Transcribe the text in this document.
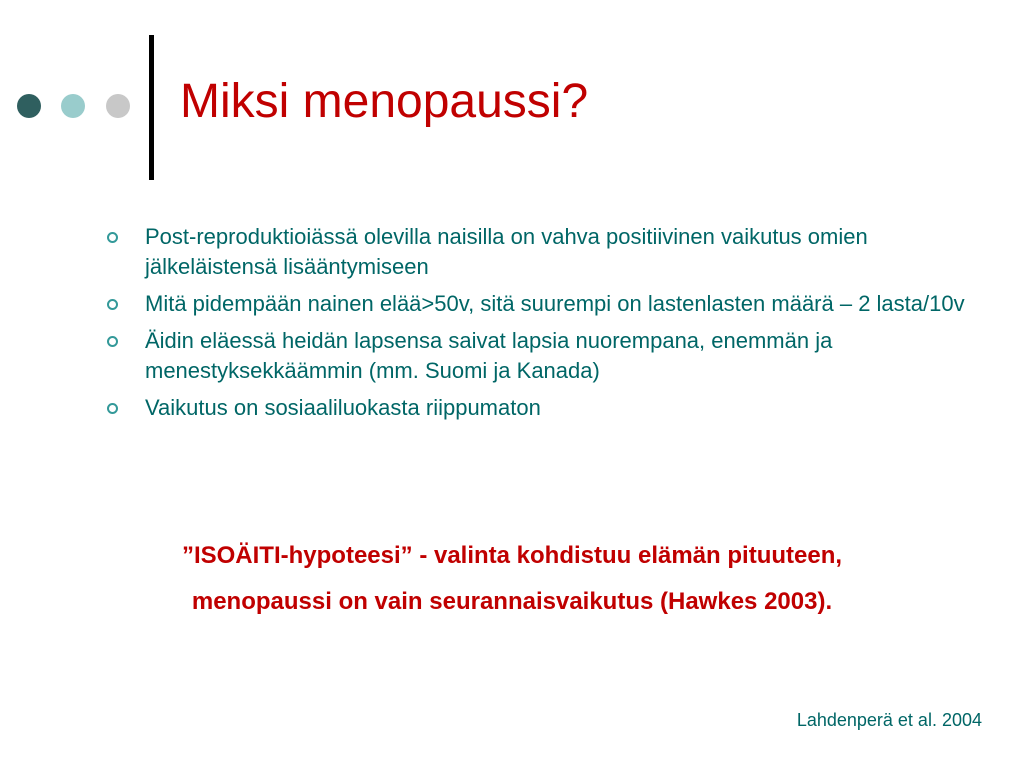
Miksi menopaussi?
Post-reproduktioiässä olevilla naisilla on vahva positiivinen vaikutus omien jälkeläistensä lisääntymiseen
Mitä pidempään nainen elää>50v, sitä suurempi on lastenlasten määrä – 2 lasta/10v
Äidin eläessä heidän lapsensa saivat lapsia nuorempana, enemmän ja menestyksekkäämmin (mm. Suomi ja Kanada)
Vaikutus on sosiaaliluokasta riippumaton
”ISOÄITI-hypoteesi” - valinta kohdistuu elämän pituuteen,
menopaussi on vain seurannaisvaikutus (Hawkes 2003).
Lahdenperä et al. 2004
